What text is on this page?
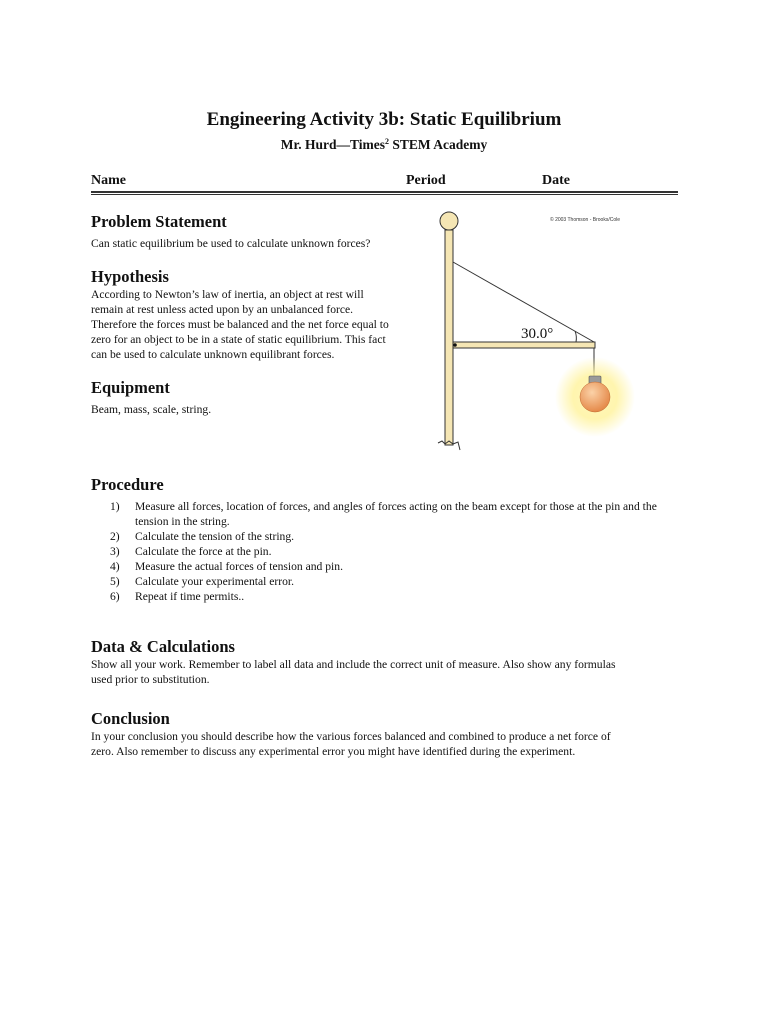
Engineering Activity 3b: Static Equilibrium
Mr. Hurd—Times$^2$ STEM Academy
Name	Period	Date
Problem Statement
Can static equilibrium be used to calculate unknown forces?
Hypothesis
According to Newton’s law of inertia, an object at rest will
remain at rest unless acted upon by an unbalanced force.
Therefore the forces must be balanced and the net force equal to
zero for an object to be in a state of static equilibrium. This fact
can be used to calculate unknown equilibrant forces.
Equipment
Beam, mass, scale, string.
© 2003 Thomson - Brooks/Cole
30.0°
Procedure
1)	Measure all forces, location of forces, and angles of forces acting on the beam except for those at the pin and the tension in the string.
2)	Calculate the tension of the string.
3)	Calculate the force at the pin.
4)	Measure the actual forces of tension and pin.
5)	Calculate your experimental error.
6)	Repeat if time permits..
Data & Calculations
Show all your work. Remember to label all data and include the correct unit of measure. Also show any formulas
used prior to substitution.
Conclusion
In your conclusion you should describe how the various forces balanced and combined to produce a net force of
zero. Also remember to discuss any experimental error you might have identified during the experiment.
